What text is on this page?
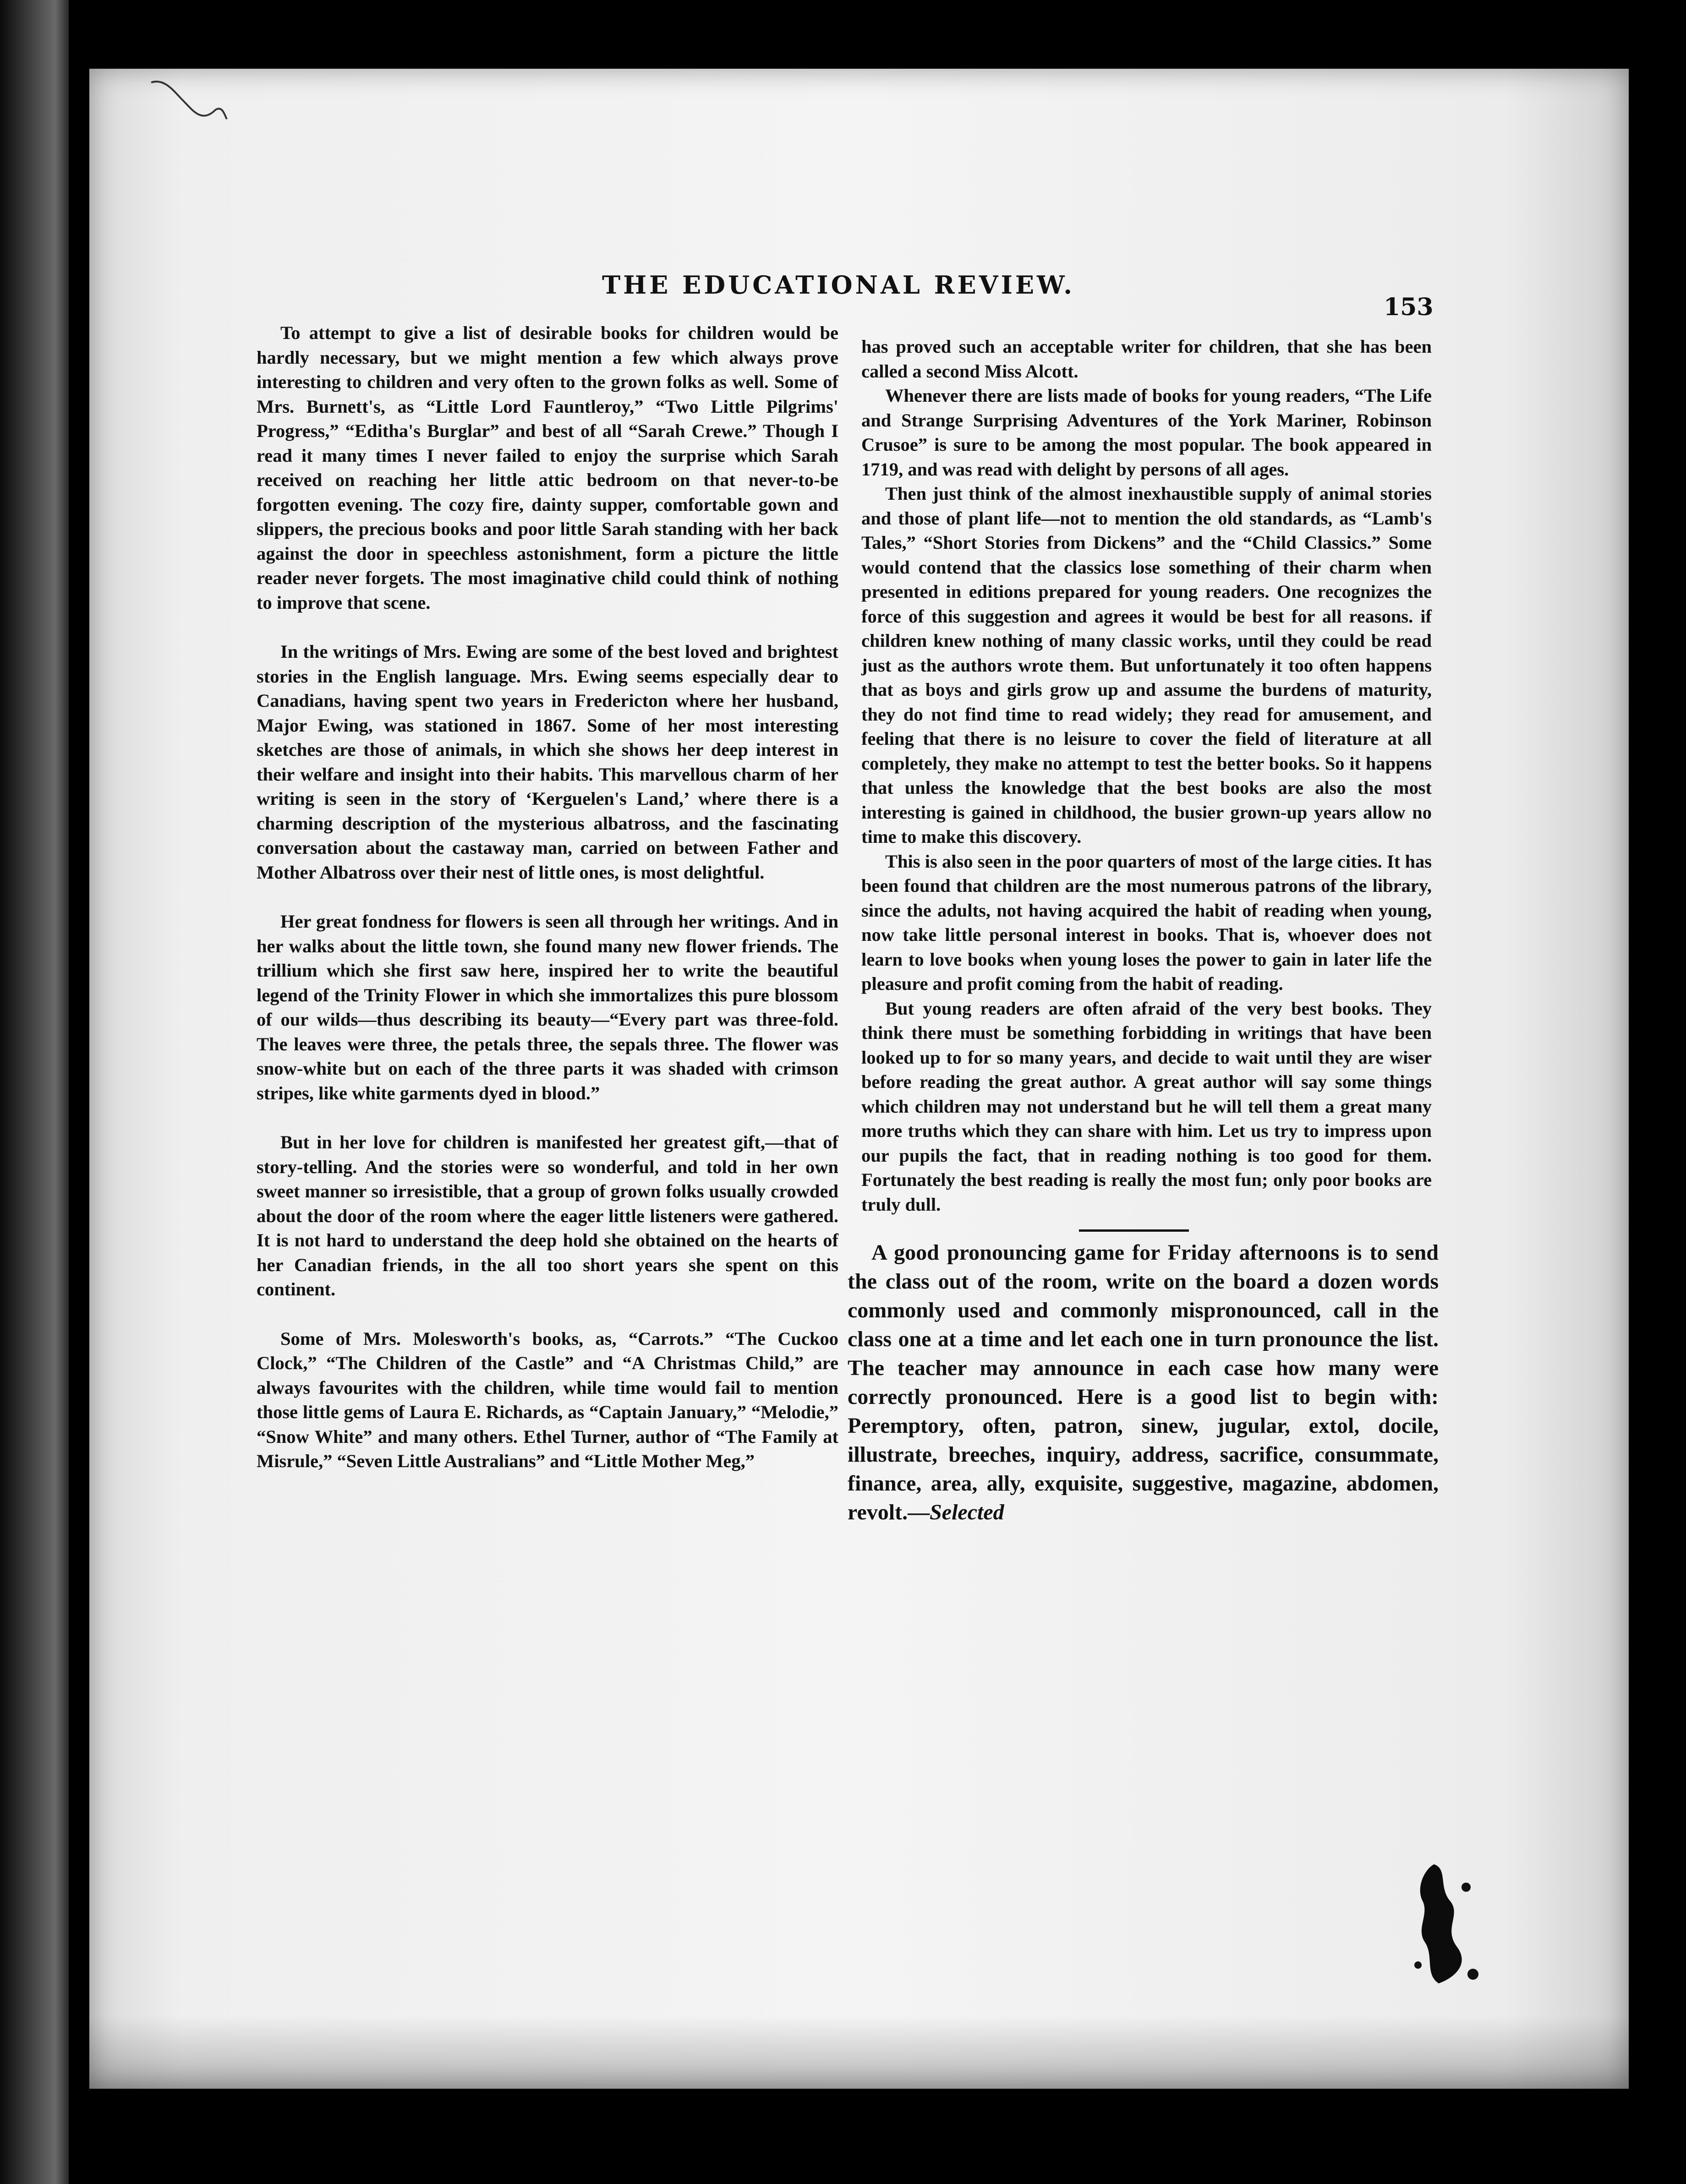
THE EDUCATIONAL REVIEW.
153

To attempt to give a list of desirable books for children would be hardly necessary, but we might mention a few which always prove interesting to children and very often to the grown folks as well. Some of Mrs. Burnett's, as “Little Lord Fauntleroy,” “Two Little Pilgrims' Progress,” “Editha's Burglar” and best of all “Sarah Crewe.” Though I read it many times I never failed to enjoy the surprise which Sarah received on reaching her little attic bedroom on that never-to-be forgotten evening. The cozy fire, dainty supper, comfortable gown and slippers, the precious books and poor little Sarah standing with her back against the door in speechless astonishment, form a picture the little reader never forgets. The most imaginative child could think of nothing to improve that scene.

In the writings of Mrs. Ewing are some of the best loved and brightest stories in the English language. Mrs. Ewing seems especially dear to Canadians, having spent two years in Fredericton where her husband, Major Ewing, was stationed in 1867. Some of her most interesting sketches are those of animals, in which she shows her deep interest in their welfare and insight into their habits. This marvellous charm of her writing is seen in the story of ‘Kerguelen's Land,’ where there is a charming description of the mysterious albatross, and the fascinating conversation about the castaway man, carried on between Father and Mother Albatross over their nest of little ones, is most delightful.

Her great fondness for flowers is seen all through her writings. And in her walks about the little town, she found many new flower friends. The trillium which she first saw here, inspired her to write the beautiful legend of the Trinity Flower in which she immortalizes this pure blossom of our wilds—thus describing its beauty—“Every part was three-fold. The leaves were three, the petals three, the sepals three. The flower was snow-white but on each of the three parts it was shaded with crimson stripes, like white garments dyed in blood.”

But in her love for children is manifested her greatest gift,—that of story-telling. And the stories were so wonderful, and told in her own sweet manner so irresistible, that a group of grown folks usually crowded about the door of the room where the eager little listeners were gathered. It is not hard to understand the deep hold she obtained on the hearts of her Canadian friends, in the all too short years she spent on this continent.

Some of Mrs. Molesworth's books, as, “Carrots.” “The Cuckoo Clock,” “The Children of the Castle” and “A Christmas Child,” are always favourites with the children, while time would fail to mention those little gems of Laura E. Richards, as “Captain January,” “Melodie,” “Snow White” and many others. Ethel Turner, author of “The Family at Misrule,” “Seven Little Australians” and “Little Mother Meg,”

has proved such an acceptable writer for children, that she has been called a second Miss Alcott.

Whenever there are lists made of books for young readers, “The Life and Strange Surprising Adventures of the York Mariner, Robinson Crusoe” is sure to be among the most popular. The book appeared in 1719, and was read with delight by persons of all ages.

Then just think of the almost inexhaustible supply of animal stories and those of plant life—not to mention the old standards, as “Lamb's Tales,” “Short Stories from Dickens” and the “Child Classics.” Some would contend that the classics lose something of their charm when presented in editions prepared for young readers. One recognizes the force of this suggestion and agrees it would be best for all reasons. if children knew nothing of many classic works, until they could be read just as the authors wrote them. But unfortunately it too often happens that as boys and girls grow up and assume the burdens of maturity, they do not find time to read widely; they read for amusement, and feeling that there is no leisure to cover the field of literature at all completely, they make no attempt to test the better books. So it happens that unless the knowledge that the best books are also the most interesting is gained in childhood, the busier grown-up years allow no time to make this discovery.

This is also seen in the poor quarters of most of the large cities. It has been found that children are the most numerous patrons of the library, since the adults, not having acquired the habit of reading when young, now take little personal interest in books. That is, whoever does not learn to love books when young loses the power to gain in later life the pleasure and profit coming from the habit of reading.

But young readers are often afraid of the very best books. They think there must be something forbidding in writings that have been looked up to for so many years, and decide to wait until they are wiser before reading the great author. A great author will say some things which children may not understand but he will tell them a great many more truths which they can share with him. Let us try to impress upon our pupils the fact, that in reading nothing is too good for them. Fortunately the best reading is really the most fun; only poor books are truly dull.

A good pronouncing game for Friday afternoons is to send the class out of the room, write on the board a dozen words commonly used and commonly mispronounced, call in the class one at a time and let each one in turn pronounce the list. The teacher may announce in each case how many were correctly pronounced. Here is a good list to begin with: Peremptory, often, patron, sinew, jugular, extol, docile, illustrate, breeches, inquiry, address, sacrifice, consummate, finance, area, ally, exquisite, suggestive, magazine, abdomen, revolt.—Selected
